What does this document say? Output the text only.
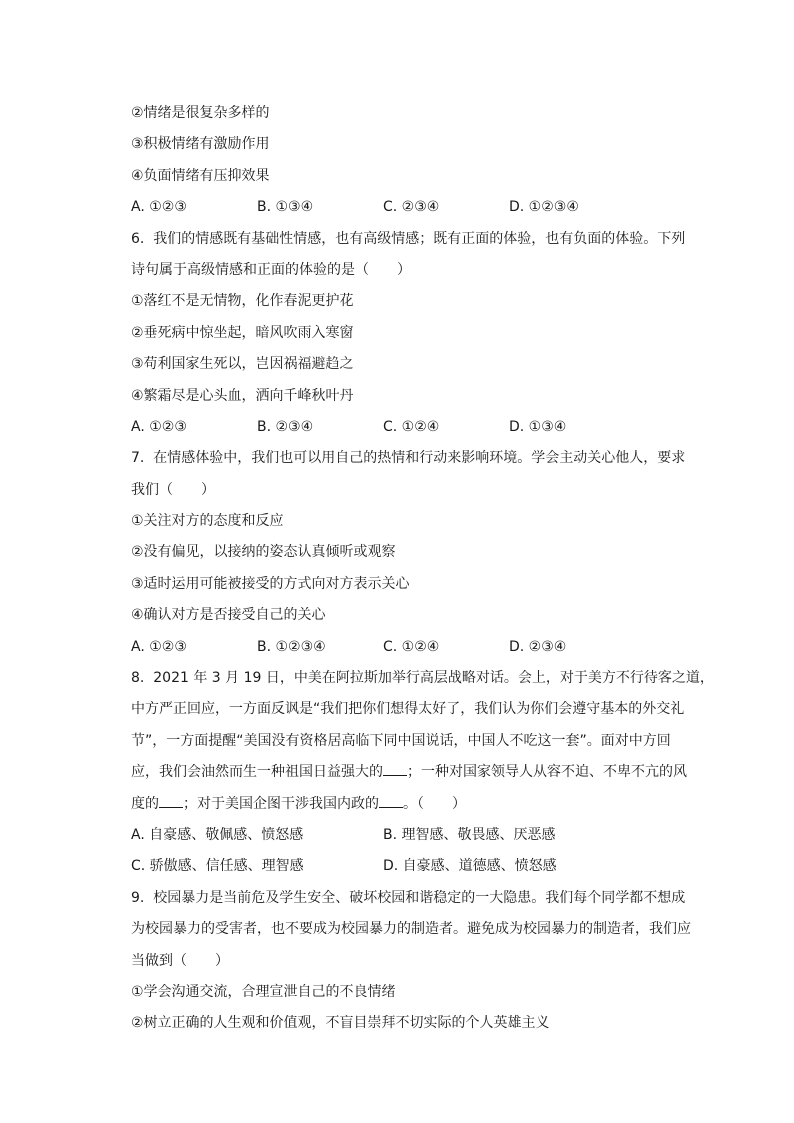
②情绪是很复杂多样的
③积极情绪有激励作用
④负面情绪有压抑效果
A. ①②③	B. ①③④	C. ②③④	D. ①②③④
6. 我们的情感既有基础性情感，也有高级情感；既有正面的体验，也有负面的体验。下列
诗句属于高级情感和正面的体验的是（　　）
①落红不是无情物，化作春泥更护花
②垂死病中惊坐起，暗风吹雨入寒窗
③苟利国家生死以，岂因祸福避趋之
④繁霜尽是心头血，洒向千峰秋叶丹
A. ①②③	B. ②③④	C. ①②④	D. ①③④
7. 在情感体验中，我们也可以用自己的热情和行动来影响环境。学会主动关心他人，要求
我们（　　）
①关注对方的态度和反应
②没有偏见，以接纳的姿态认真倾听或观察
③适时运用可能被接受的方式向对方表示关心
④确认对方是否接受自己的关心
A. ①②③	B. ①②③④	C. ①②④	D. ②③④
8. 2021 年 3 月 19 日，中美在阿拉斯加举行高层战略对话。会上，对于美方不行待客之道，
中方严正回应，一方面反讽是“我们把你们想得太好了，我们认为你们会遵守基本的外交礼
节”，一方面提醒“美国没有资格居高临下同中国说话，中国人不吃这一套”。面对中方回
应，我们会油然而生一种祖国日益强大的 ；一种对国家领导人从容不迫、不卑不亢的风
度的 ；对于美国企图干涉我国内政的 。（　　）
A. 自豪感、敬佩感、愤怒感	B. 理智感、敬畏感、厌恶感
C. 骄傲感、信任感、理智感	D. 自豪感、道德感、愤怒感
9. 校园暴力是当前危及学生安全、破坏校园和谐稳定的一大隐患。我们每个同学都不想成
为校园暴力的受害者，也不要成为校园暴力的制造者。避免成为校园暴力的制造者，我们应
当做到（　　）
①学会沟通交流，合理宣泄自己的不良情绪
②树立正确的人生观和价值观，不盲目崇拜不切实际的个人英雄主义
